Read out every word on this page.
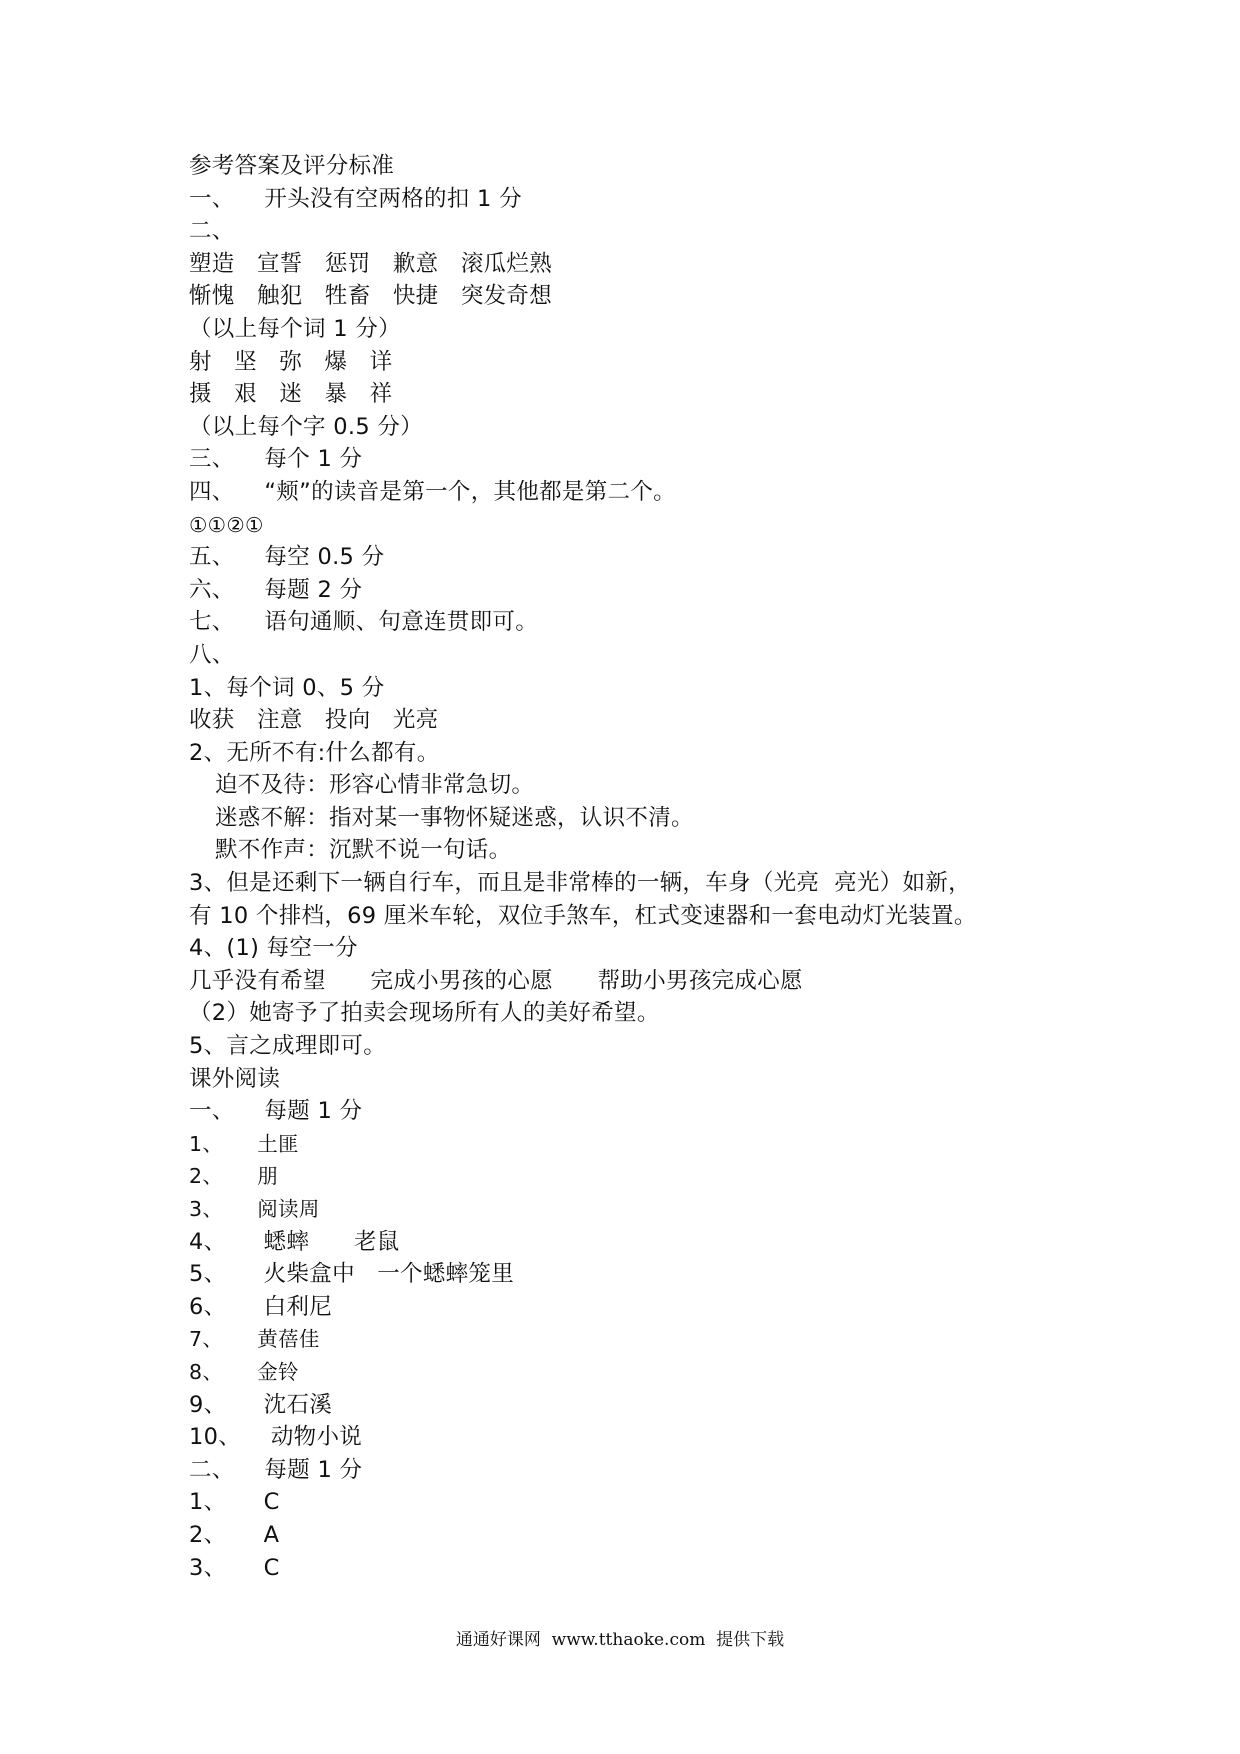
参考答案及评分标准
一、    开头没有空两格的扣 1 分
二、
塑造   宣誓   惩罚   歉意   滚瓜烂熟
惭愧   触犯   牲畜   快捷   突发奇想
（以上每个词 1 分）
射   坚   弥   爆   详
摄   艰   迷   暴   祥
（以上每个字 0.5 分）
三、    每个 1 分
四、    “颊”的读音是第一个，其他都是第二个。
①①②①
五、    每空 0.5 分
六、    每题 2 分
七、    语句通顺、句意连贯即可。
八、
1、每个词 0、5 分
收获   注意   投向   光亮
2、无所不有:什么都有。
迫不及待：形容心情非常急切。
迷惑不解：指对某一事物怀疑迷惑，认识不清。
默不作声：沉默不说一句话。
3、但是还剩下一辆自行车，而且是非常棒的一辆，车身（光亮  亮光）如新，
有 10 个排档，69 厘米车轮，双位手煞车，杠式变速器和一套电动灯光装置。
4、(1) 每空一分
几乎没有希望      完成小男孩的心愿      帮助小男孩完成心愿
（2）她寄予了拍卖会现场所有人的美好希望。
5、言之成理即可。
课外阅读
一、    每题 1 分
1、     土匪
2、     朋
3、     阅读周
4、     蟋蟀      老鼠
5、     火柴盒中   一个蟋蟀笼里
6、     白利尼
7、     黄蓓佳
8、     金铃
9、     沈石溪
10、    动物小说
二、    每题 1 分
1、     C
2、     A
3、     C
通通好课网  www.tthaoke.com  提供下载
